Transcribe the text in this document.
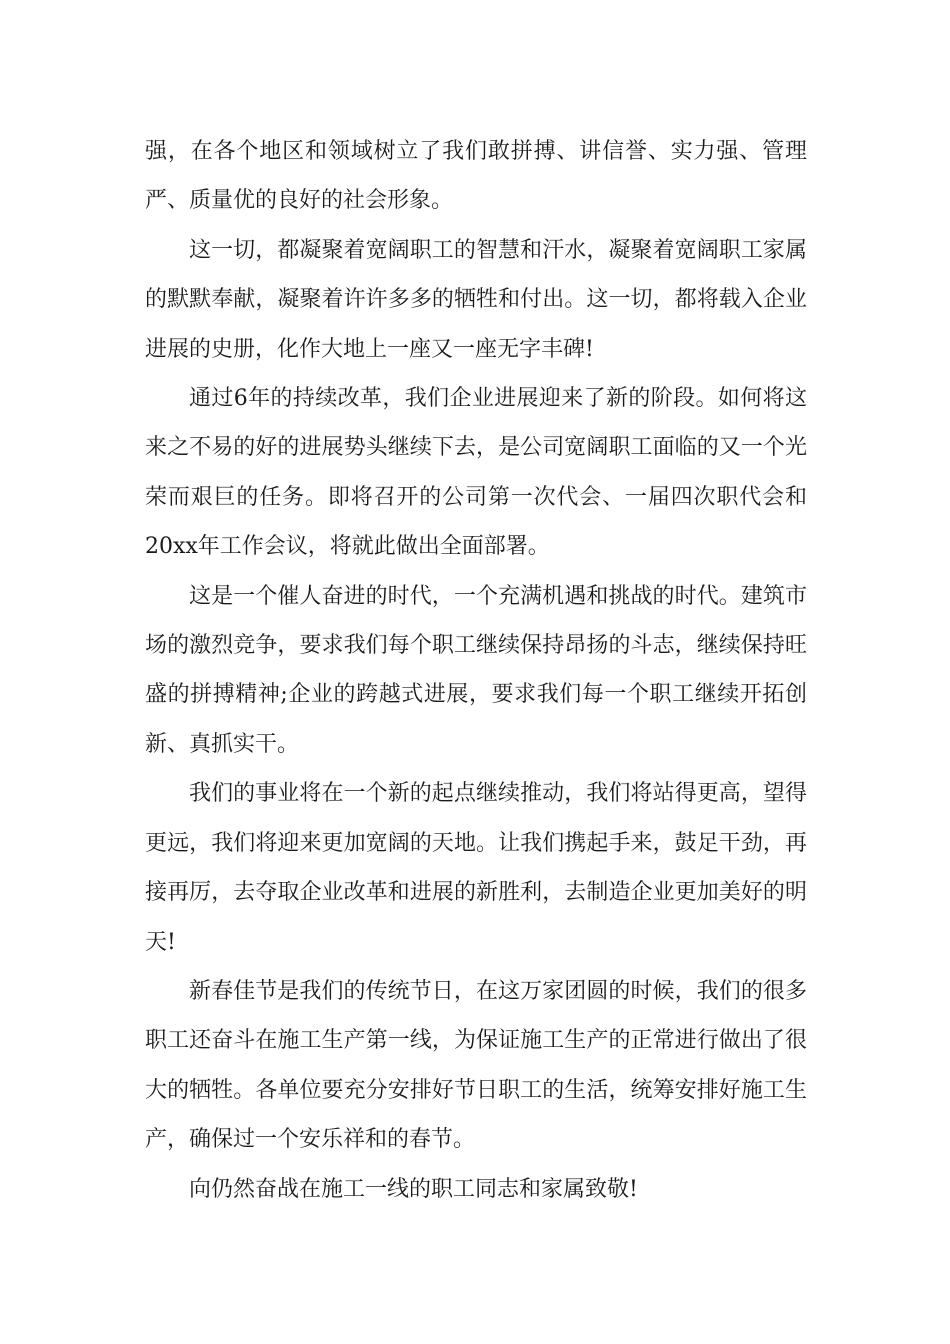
强，在各个地区和领域树立了我们敢拼搏、讲信誉、实力强、管理严、质量优的良好的社会形象。

这一切，都凝聚着宽阔职工的智慧和汗水，凝聚着宽阔职工家属的默默奉献，凝聚着许许多多的牺牲和付出。这一切，都将载入企业进展的史册，化作大地上一座又一座无字丰碑!

通过6年的持续改革，我们企业进展迎来了新的阶段。如何将这来之不易的好的进展势头继续下去，是公司宽阔职工面临的又一个光荣而艰巨的任务。即将召开的公司第一次代会、一届四次职代会和20xx年工作会议，将就此做出全面部署。

这是一个催人奋进的时代，一个充满机遇和挑战的时代。建筑市场的激烈竞争，要求我们每个职工继续保持昂扬的斗志，继续保持旺盛的拼搏精神;企业的跨越式进展，要求我们每一个职工继续开拓创新、真抓实干。

我们的事业将在一个新的起点继续推动，我们将站得更高，望得更远，我们将迎来更加宽阔的天地。让我们携起手来，鼓足干劲，再接再厉，去夺取企业改革和进展的新胜利，去制造企业更加美好的明天!

新春佳节是我们的传统节日，在这万家团圆的时候，我们的很多职工还奋斗在施工生产第一线，为保证施工生产的正常进行做出了很大的牺牲。各单位要充分安排好节日职工的生活，统筹安排好施工生产，确保过一个安乐祥和的春节。

向仍然奋战在施工一线的职工同志和家属致敬!
